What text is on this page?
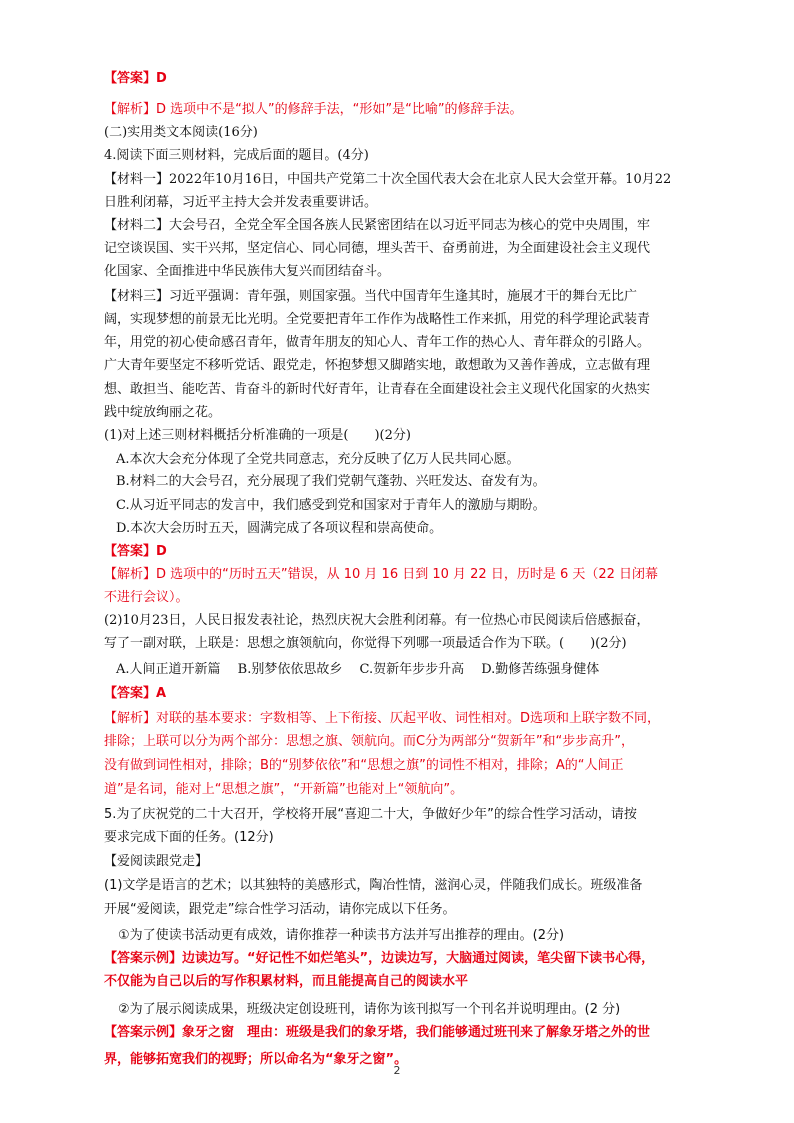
【答案】D
【解析】D 选项中不是“拟人”的修辞手法，“形如”是“比喻”的修辞手法。
(二)实用类文本阅读(16分)
4.阅读下面三则材料，完成后面的题目。(4分)
【材料一】2022年10月16日，中国共产党第二十次全国代表大会在北京人民大会堂开幕。10月22
日胜利闭幕，习近平主持大会并发表重要讲话。
【材料二】大会号召，全党全军全国各族人民紧密团结在以习近平同志为核心的党中央周围，牢
记空谈误国、实干兴邦，坚定信心、同心同德，埋头苦干、奋勇前进，为全面建设社会主义现代
化国家、全面推进中华民族伟大复兴而团结奋斗。
【材料三】习近平强调：青年强，则国家强。当代中国青年生逢其时，施展才干的舞台无比广
阔，实现梦想的前景无比光明。全党要把青年工作作为战略性工作来抓，用党的科学理论武装青
年，用党的初心使命感召青年，做青年朋友的知心人、青年工作的热心人、青年群众的引路人。
广大青年要坚定不移听党话、跟党走，怀抱梦想又脚踏实地，敢想敢为又善作善成，立志做有理
想、敢担当、能吃苦、肯奋斗的新时代好青年，让青春在全面建设社会主义现代化国家的火热实
践中绽放绚丽之花。
(1)对上述三则材料概括分析准确的一项是(　　)(2分)
A.本次大会充分体现了全党共同意志，充分反映了亿万人民共同心愿。
B.材料二的大会号召，充分展现了我们党朝气蓬勃、兴旺发达、奋发有为。
C.从习近平同志的发言中，我们感受到党和国家对于青年人的激励与期盼。
D.本次大会历时五天，圆满完成了各项议程和崇高使命。
【答案】D
【解析】D 选项中的“历时五天”错误，从 10 月 16 日到 10 月 22 日，历时是 6 天（22 日闭幕
不进行会议）。
(2)10月23日，人民日报发表社论，热烈庆祝大会胜利闭幕。有一位热心市民阅读后倍感振奋，
写了一副对联，上联是：思想之旗领航向，你觉得下列哪一项最适合作为下联。(　　)(2分)
A.人间正道开新篇　 B.别梦依依思故乡　 C.贺新年步步升高　 D.勤修苦练强身健体
【答案】A
【解析】对联的基本要求：字数相等、上下衔接、仄起平收、词性相对。D选项和上联字数不同，
排除；上联可以分为两个部分：思想之旗、领航向。而C分为两部分“贺新年”和“步步高升”，
没有做到词性相对，排除；B的“别梦依依”和“思想之旗”的词性不相对，排除；A的“人间正
道”是名词，能对上“思想之旗”，“开新篇”也能对上“领航向”。
5.为了庆祝党的二十大召开，学校将开展“喜迎二十大，争做好少年”的综合性学习活动，请按
要求完成下面的任务。(12分)
【爱阅读跟党走】
(1)文学是语言的艺术；以其独特的美感形式，陶冶性情，滋润心灵，伴随我们成长。班级准备
开展“爱阅读，跟党走”综合性学习活动，请你完成以下任务。
①为了使读书活动更有成效，请你推荐一种读书方法并写出推荐的理由。(2分)
【答案示例】边读边写。“好记性不如烂笔头”，边读边写，大脑通过阅读，笔尖留下读书心得，
不仅能为自己以后的写作积累材料，而且能提高自己的阅读水平
②为了展示阅读成果，班级决定创设班刊，请你为该刊拟写一个刊名并说明理由。(2 分)
【答案示例】象牙之窗　理由：班级是我们的象牙塔，我们能够通过班刊来了解象牙塔之外的世
界，能够拓宽我们的视野；所以命名为“象牙之窗”。
2
